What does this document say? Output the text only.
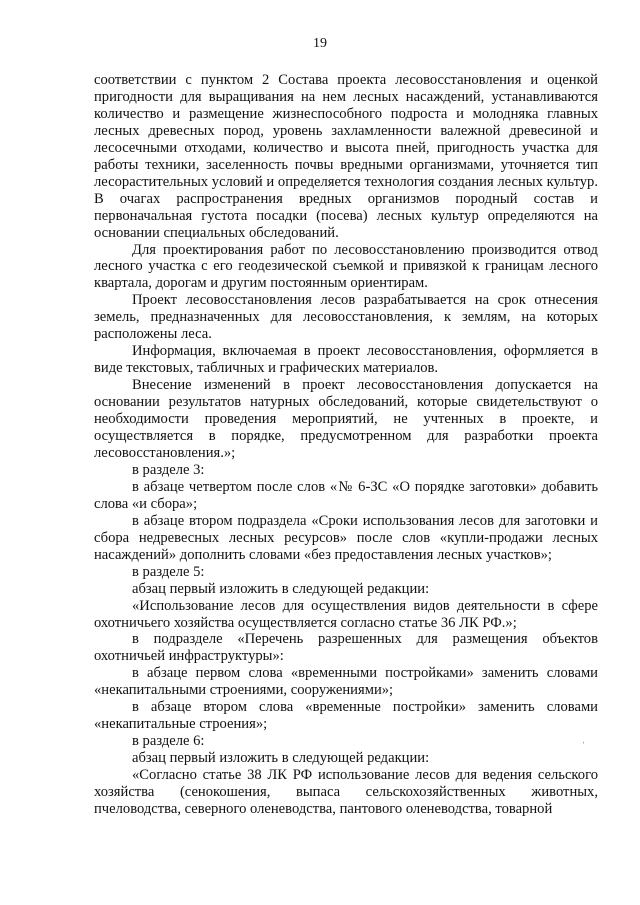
19

соответствии с пунктом 2 Состава проекта лесовосстановления и оценкой пригодности для выращивания на нем лесных насаждений, устанавливаются количество и размещение жизнеспособного подроста и молодняка главных лесных древесных пород, уровень захламленности валежной древесиной и лесосечными отходами, количество и высота пней, пригодность участка для работы техники, заселенность почвы вредными организмами, уточняется тип лесорастительных условий и определяется технология создания лесных культур. В очагах распространения вредных организмов породный состав и первоначальная густота посадки (посева) лесных культур определяются на основании специальных обследований.

Для проектирования работ по лесовосстановлению производится отвод лесного участка с его геодезической съемкой и привязкой к границам лесного квартала, дорогам и другим постоянным ориентирам.

Проект лесовосстановления лесов разрабатывается на срок отнесения земель, предназначенных для лесовосстановления, к землям, на которых расположены леса.

Информация, включаемая в проект лесовосстановления, оформляется в виде текстовых, табличных и графических материалов.

Внесение изменений в проект лесовосстановления допускается на основании результатов натурных обследований, которые свидетельствуют о необходимости проведения мероприятий, не учтенных в проекте, и осуществляется в порядке, предусмотренном для разработки проекта лесовосстановления.»;

в разделе 3:

в абзаце четвертом после слов «№ 6-ЗС «О порядке заготовки» добавить слова «и сбора»;

в абзаце втором подраздела «Сроки использования лесов для заготовки и сбора недревесных лесных ресурсов» после слов «купли-продажи лесных насаждений» дополнить словами «без предоставления лесных участков»;

в разделе 5:

абзац первый изложить в следующей редакции:

«Использование лесов для осуществления видов деятельности в сфере охотничьего хозяйства осуществляется согласно статье 36 ЛК РФ.»;

в подразделе «Перечень разрешенных для размещения объектов охотничьей инфраструктуры»:

в абзаце первом слова «временными постройками» заменить словами «некапитальными строениями, сооружениями»;

в абзаце втором слова «временные постройки» заменить словами «некапитальные строения»;

в разделе 6:

абзац первый изложить в следующей редакции:

«Согласно статье 38 ЛК РФ использование лесов для ведения сельского хозяйства (сенокошения, выпаса сельскохозяйственных животных, пчеловодства, северного оленеводства, пантового оленеводства, товарной

ˈ
